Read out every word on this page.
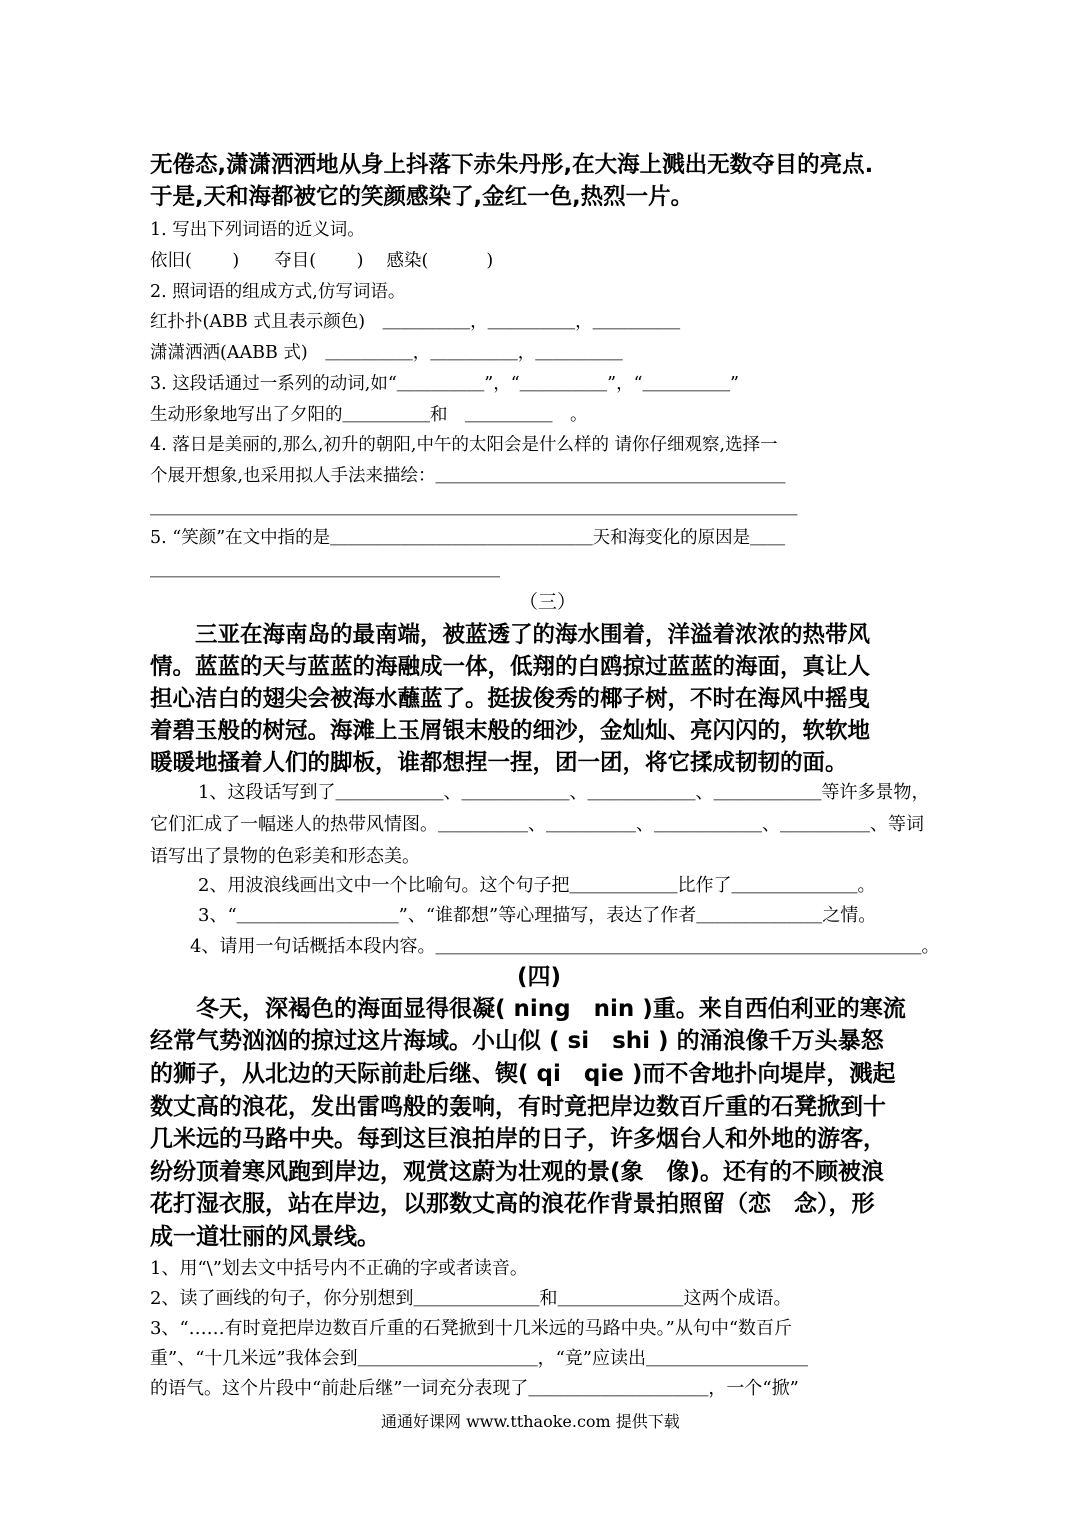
无倦态,潇潇洒洒地从身上抖落下赤朱丹彤,在大海上溅出无数夺目的亮点.
于是,天和海都被它的笑颜感染了,金红一色,热烈一片。
1. 写出下列词语的近义词。
依旧(　　 )　　夺目(　　 )　 感染(　　 　)
2. 照词语的组成方式,仿写词语。
红扑扑(ABB 式且表示颜色)　＿＿＿＿＿，＿＿＿＿＿，＿＿＿＿＿
潇潇洒洒(AABB 式)　＿＿＿＿＿，＿＿＿＿＿，＿＿＿＿＿
3. 这段话通过一系列的动词,如“＿＿＿＿＿”，“＿＿＿＿＿”，“＿＿＿＿＿”
生动形象地写出了夕阳的＿＿＿＿＿和　＿＿＿＿＿　。
4. 落日是美丽的,那么,初升的朝阳,中午的太阳会是什么样的 请你仔细观察,选择一
个展开想象,也采用拟人手法来描绘：＿＿＿＿＿＿＿＿＿＿＿＿＿＿＿＿＿＿＿＿
＿＿＿＿＿＿＿＿＿＿＿＿＿＿＿＿＿＿＿＿＿＿＿＿＿＿＿＿＿＿＿＿＿＿＿＿＿
5. “笑颜”在文中指的是＿＿＿＿＿＿＿＿＿＿＿＿＿＿＿天和海变化的原因是＿＿
＿＿＿＿＿＿＿＿＿＿＿＿＿＿＿＿＿＿＿＿
（三）
　　三亚在海南岛的最南端，被蓝透了的海水围着，洋溢着浓浓的热带风
情。蓝蓝的天与蓝蓝的海融成一体，低翔的白鸥掠过蓝蓝的海面，真让人
担心洁白的翅尖会被海水蘸蓝了。挺拔俊秀的椰子树，不时在海风中摇曳
着碧玉般的树冠。海滩上玉屑银末般的细沙，金灿灿、亮闪闪的，软软地
暖暖地搔着人们的脚板，谁都想捏一捏，团一团，将它揉成韧韧的面。
1、这段话写到了＿＿＿＿＿＿、＿＿＿＿＿＿、＿＿＿＿＿＿、＿＿＿＿＿＿等许多景物，
它们汇成了一幅迷人的热带风情图。＿＿＿＿＿、＿＿＿＿＿、＿＿＿＿＿＿、＿＿＿＿＿、等词
语写出了景物的色彩美和形态美。
2、用波浪线画出文中一个比喻句。这个句子把＿＿＿＿＿＿比作了＿＿＿＿＿＿＿。
3、“＿＿＿＿＿＿＿＿＿”、“谁都想”等心理描写，表达了作者＿＿＿＿＿＿＿之情。
4、请用一句话概括本段内容。＿＿＿＿＿＿＿＿＿＿＿＿＿＿＿＿＿＿＿＿＿＿＿＿＿＿＿。
(四)
　　冬天，深褐色的海面显得很凝( ning　nin )重。来自西伯利亚的寒流
经常气势汹汹的掠过这片海域。小山似 ( si　shi ) 的涌浪像千万头暴怒
的狮子，从北边的天际前赴后继、锲( qi　qie )而不舍地扑向堤岸，溅起
数丈高的浪花，发出雷鸣般的轰响，有时竟把岸边数百斤重的石凳掀到十
几米远的马路中央。每到这巨浪拍岸的日子，许多烟台人和外地的游客，
纷纷顶着寒风跑到岸边，观赏这蔚为壮观的景(象　像)。还有的不顾被浪
花打湿衣服，站在岸边，以那数丈高的浪花作背景拍照留（恋　念），形
成一道壮丽的风景线。
1、用“\”划去文中括号内不正确的字或者读音。
2、读了画线的句子，你分别想到＿＿＿＿＿＿＿和＿＿＿＿＿＿＿这两个成语。
3、“……有时竟把岸边数百斤重的石凳掀到十几米远的马路中央。”从句中“数百斤
重”、“十几米远”我体会到＿＿＿＿＿＿＿＿＿＿，“竟”应读出＿＿＿＿＿＿＿＿＿
的语气。这个片段中“前赴后继”一词充分表现了＿＿＿＿＿＿＿＿＿＿，一个“掀”
通通好课网 www.tthaoke.com 提供下载
